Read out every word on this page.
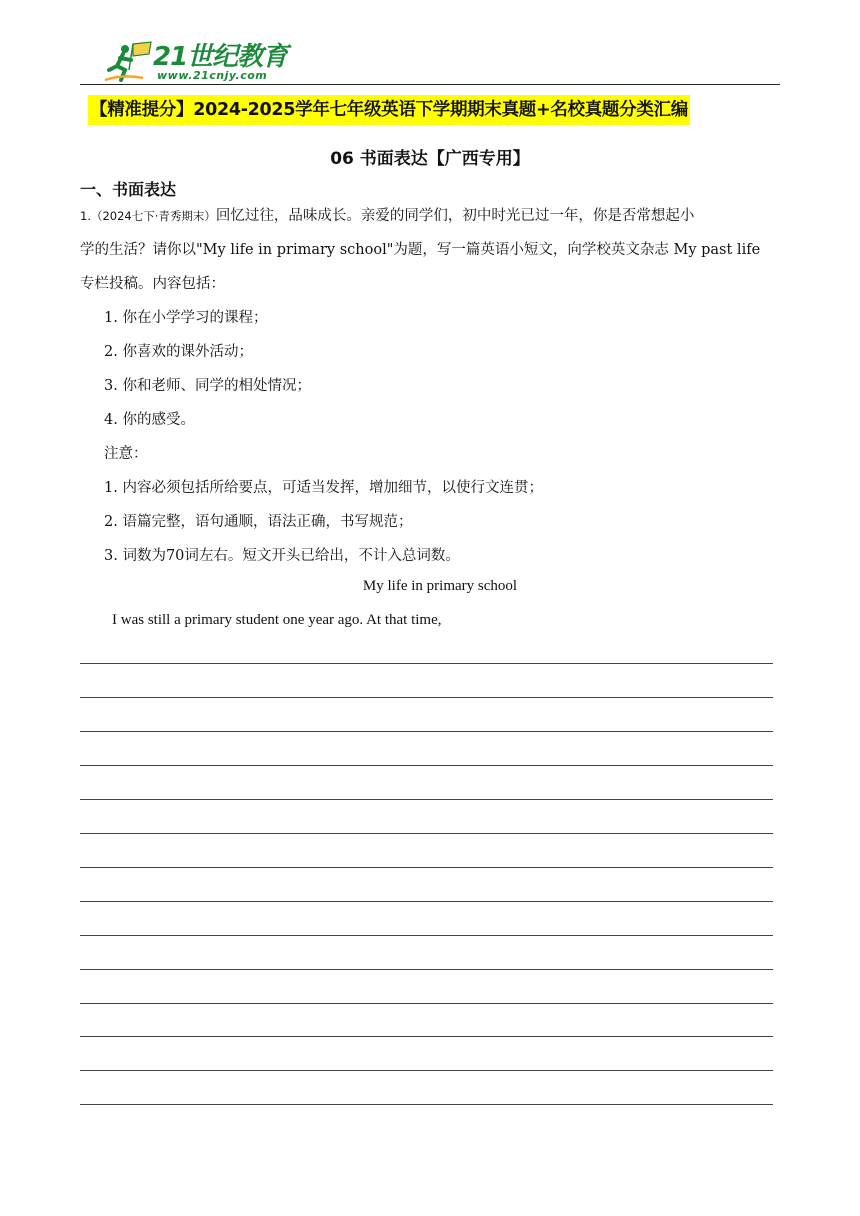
21世纪教育
www.21cnjy.com
【精准提分】2024-2025学年七年级英语下学期期末真题+名校真题分类汇编
06 书面表达【广西专用】
一、书面表达
1.（2024七下·青秀期末）回忆过往，品味成长。亲爱的同学们，初中时光已过一年，你是否常想起小
学的生活？请你以"My life in primary school"为题，写一篇英语小短文，向学校英文杂志 My past life
专栏投稿。内容包括：
1. 你在小学学习的课程；
2. 你喜欢的课外活动；
3. 你和老师、同学的相处情况；
4. 你的感受。
注意：
1. 内容必须包括所给要点，可适当发挥，增加细节，以使行文连贯；
2. 语篇完整，语句通顺，语法正确，书写规范；
3. 词数为70词左右。短文开头已给出，不计入总词数。
My life in primary school
I was still a primary student one year ago. At that time,
